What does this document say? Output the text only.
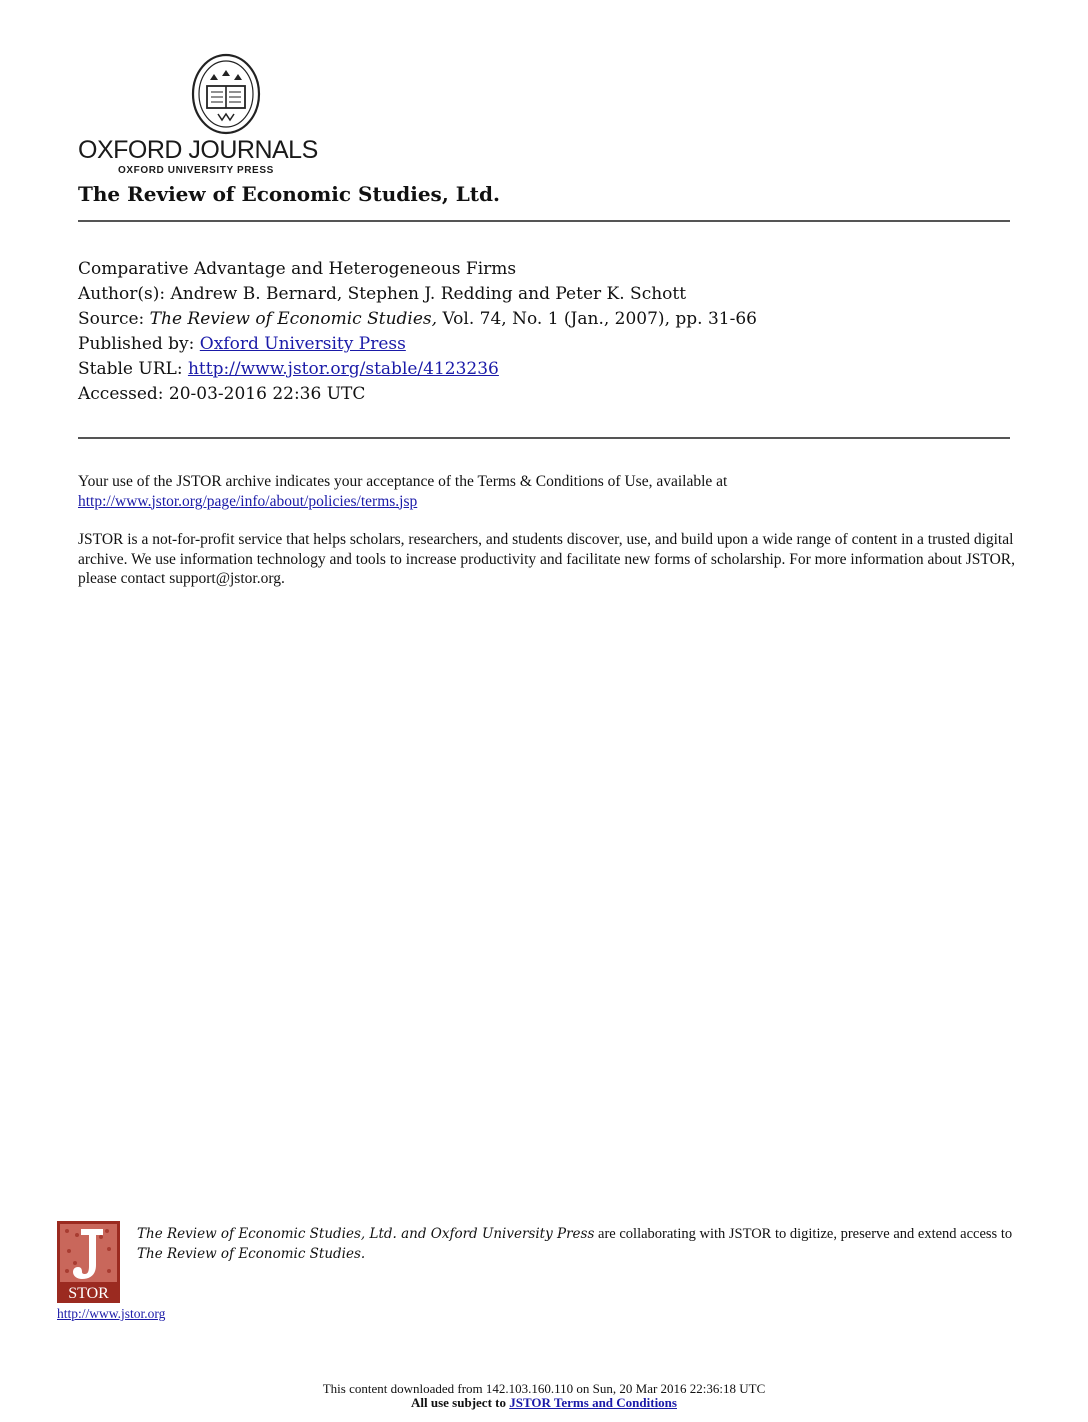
OXFORD JOURNALS
OXFORD UNIVERSITY PRESS
The Review of Economic Studies, Ltd.
Comparative Advantage and Heterogeneous Firms
Author(s): Andrew B. Bernard, Stephen J. Redding and Peter K. Schott
Source: The Review of Economic Studies, Vol. 74, No. 1 (Jan., 2007), pp. 31-66
Published by: Oxford University Press
Stable URL: http://www.jstor.org/stable/4123236
Accessed: 20-03-2016 22:36 UTC
Your use of the JSTOR archive indicates your acceptance of the Terms & Conditions of Use, available at http://www.jstor.org/page/info/about/policies/terms.jsp
JSTOR is a not-for-profit service that helps scholars, researchers, and students discover, use, and build upon a wide range of content in a trusted digital archive. We use information technology and tools to increase productivity and facilitate new forms of scholarship. For more information about JSTOR, please contact support@jstor.org.
STOR
The Review of Economic Studies, Ltd. and Oxford University Press are collaborating with JSTOR to digitize, preserve and extend access to The Review of Economic Studies.
http://www.jstor.org
This content downloaded from 142.103.160.110 on Sun, 20 Mar 2016 22:36:18 UTC
All use subject to JSTOR Terms and Conditions
